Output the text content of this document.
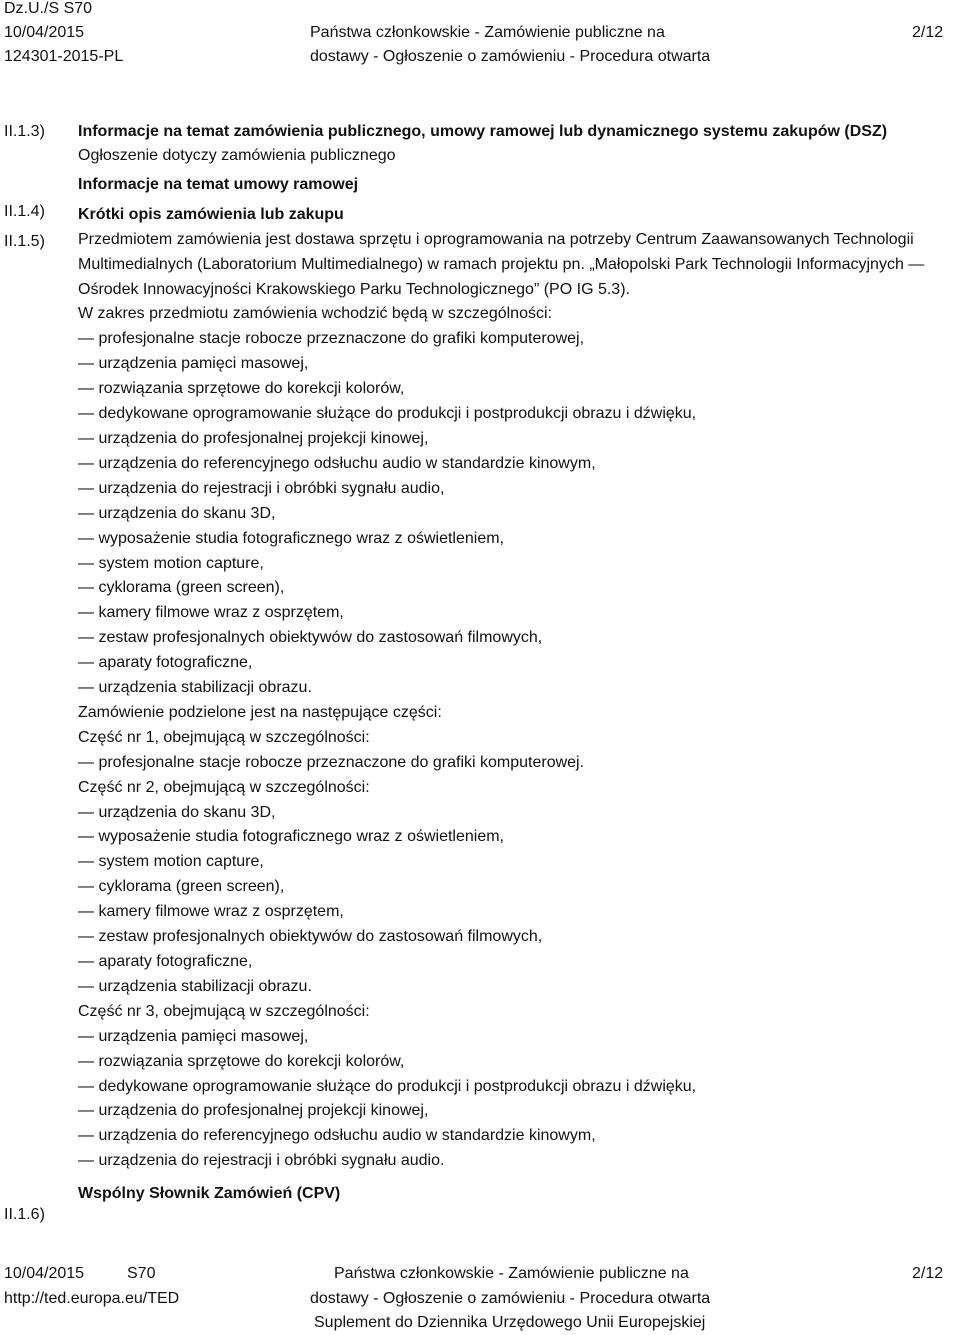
Dz.U./S S70
10/04/2015
124301-2015-PL
Państwa członkowskie - Zamówienie publiczne na
dostawy - Ogłoszenie o zamówieniu - Procedura otwarta
2/12
II.1.3)
II.1.4)
II.1.5)
II.1.6)
Informacje na temat zamówienia publicznego, umowy ramowej lub dynamicznego systemu zakupów (DSZ)
Ogłoszenie dotyczy zamówienia publicznego
Informacje na temat umowy ramowej
Krótki opis zamówienia lub zakupu
Przedmiotem zamówienia jest dostawa sprzętu i oprogramowania na potrzeby Centrum Zaawansowanych Technologii Multimedialnych (Laboratorium Multimedialnego) w ramach projektu pn. „Małopolski Park Technologii Informacyjnych — Ośrodek Innowacyjności Krakowskiego Parku Technologicznego” (PO IG 5.3).
W zakres przedmiotu zamówienia wchodzić będą w szczególności:
— profesjonalne stacje robocze przeznaczone do grafiki komputerowej,
— urządzenia pamięci masowej,
— rozwiązania sprzętowe do korekcji kolorów,
— dedykowane oprogramowanie służące do produkcji i postprodukcji obrazu i dźwięku,
— urządzenia do profesjonalnej projekcji kinowej,
— urządzenia do referencyjnego odsłuchu audio w standardzie kinowym,
— urządzenia do rejestracji i obróbki sygnału audio,
— urządzenia do skanu 3D,
— wyposażenie studia fotograficznego wraz z oświetleniem,
— system motion capture,
— cyklorama (green screen),
— kamery filmowe wraz z osprzętem,
— zestaw profesjonalnych obiektywów do zastosowań filmowych,
— aparaty fotograficzne,
— urządzenia stabilizacji obrazu.
Zamówienie podzielone jest na następujące części:
Część nr 1, obejmującą w szczególności:
— profesjonalne stacje robocze przeznaczone do grafiki komputerowej.
Część nr 2, obejmującą w szczególności:
— urządzenia do skanu 3D,
— wyposażenie studia fotograficznego wraz z oświetleniem,
— system motion capture,
— cyklorama (green screen),
— kamery filmowe wraz z osprzętem,
— zestaw profesjonalnych obiektywów do zastosowań filmowych,
— aparaty fotograficzne,
— urządzenia stabilizacji obrazu.
Część nr 3, obejmującą w szczególności:
— urządzenia pamięci masowej,
— rozwiązania sprzętowe do korekcji kolorów,
— dedykowane oprogramowanie służące do produkcji i postprodukcji obrazu i dźwięku,
— urządzenia do profesjonalnej projekcji kinowej,
— urządzenia do referencyjnego odsłuchu audio w standardzie kinowym,
— urządzenia do rejestracji i obróbki sygnału audio.
Wspólny Słownik Zamówień (CPV)
10/04/2015	S70
http://ted.europa.eu/TED
Państwa członkowskie - Zamówienie publiczne na
dostawy - Ogłoszenie o zamówieniu - Procedura otwarta
Suplement do Dziennika Urzędowego Unii Europejskiej
2/12
